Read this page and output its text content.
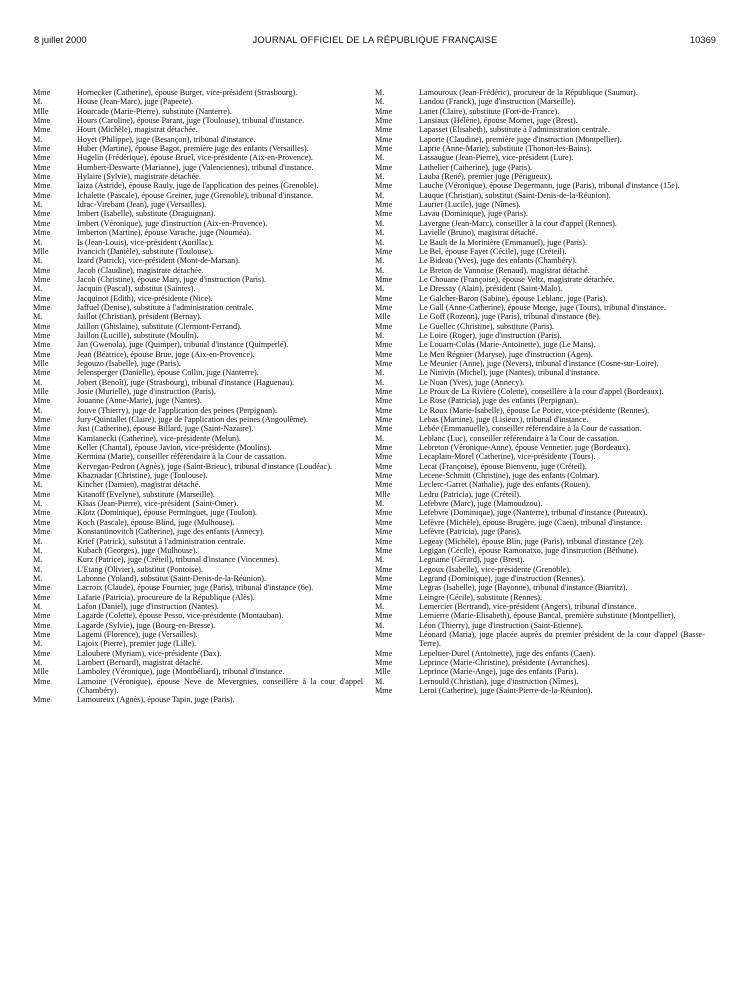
8 juillet 2000	JOURNAL OFFICIEL DE LA RÉPUBLIQUE FRANÇAISE	10369
Mme	Hornecker (Catherine), épouse Burger, vice-président (Strasbourg).
M.	House (Jean-Marc), juge (Papeete).
Mlle	Hourcade (Marie-Pierre), substitute (Nanterre).
Mme	Hours (Caroline), épouse Parant, juge (Toulouse), tribunal d'instance.
Mme	Hourt (Michèle), magistrat détachée.
M.	Hoyet (Philippe), juge (Besançon), tribunal d'instance.
Mme	Huber (Martine), épouse Bagot, première juge des enfants (Versailles).
Mme	Hugelin (Frédérique), épouse Bruel, vice-présidente (Aix-en-Provence).
Mme	Humbert-Deswarte (Marianne), juge (Valenciennes), tribunal d'instance.
Mme	Hylaire (Sylvie), magistrate détachée.
Mme	Iaiza (Astride), épouse Rauly, juge de l'application des peines (Grenoble).
Mme	Ichalette (Pascale), épouse Greiner, juge (Grenoble), tribunal d'instance.
M.	Idrac-Virebant (Jean), juge (Versailles).
Mme	Imbert (Isabelle), substitute (Draguignan).
Mme	Imbert (Véronique), juge d'instruction (Aix-en-Provence).
Mme	Imberton (Martine), épouse Varache, juge (Nouméa).
M.	Is (Jean-Louis), vice-président (Aurillac).
Mlle	Ivancich (Danièle), substitute (Toulouse).
M.	Izard (Patrick), vice-président (Mont-de-Marsan).
Mme	Jacob (Claudine), magistrate détachée.
Mme	Jacob (Christine), épouse Mary, juge d'instruction (Paris).
M.	Jacquin (Pascal), substitut (Saintes).
Mme	Jacquinot (Edith), vice-présidente (Nice).
Mme	Jaffuel (Denise), substitute à l'administration centrale.
M.	Jaillot (Christian), président (Bernay).
Mme	Jaillon (Ghislaine), substitute (Clermont-Ferrand).
Mme	Jaillon (Lucille), substitute (Moulin).
Mme	Jan (Gwenola), juge (Quimper), tribunal d'instance (Quimperlé).
Mme	Jean (Béatrice), épouse Brue, juge (Aix-en-Provence).
Mlle	Jegouzo (Isabelle), juge (Paris).
Mme	Jelensperger (Danielle), épouse Collin, juge (Nanterre).
M.	Jobert (Benoît), juge (Strasbourg), tribunal d'instance (Haguenau).
Mlle	Josie (Murielle), juge d'instruction (Paris).
Mme	Jouanne (Anne-Marie), juge (Nantes).
M.	Jouve (Thierry), juge de l'application des peines (Perpignan).
Mme	Jury-Quintallet (Claire), juge de l'application des peines (Angoulême).
Mme	Just (Catherine), épouse Billard, juge (Saint-Nazaire).
Mme	Kamianecki (Catherine), vice-présidente (Melun).
Mme	Keller (Chantal), épouse Javion, vice-présidente (Moulins).
Mme	Kermina (Marie), conseiller référendaire à la Cour de cassation.
Mme	Kervegan-Pedron (Agnès), juge (Saint-Brieuc), tribunal d'instance (Loudéac).
Mme	Khaznadar (Christine), juge (Toulouse).
M.	Kincher (Damien), magistrat détaché.
Mme	Kitanoff (Evelyne), substitute (Marseille).
M.	Klaas (Jean-Pierre), vice-président (Saint-Omer).
Mme	Klotz (Dominique), épouse Perminguet, juge (Toulon).
Mme	Koch (Pascale), épouse Blind, juge (Mulhouse).
Mme	Konstantinovitch (Catherine), juge des enfants (Annecy).
M.	Krief (Patrick), substitut à l'administration centrale.
M.	Kubach (Georges), juge (Mulhouse).
M.	Kurz (Patrice), juge (Créteil), tribunal d'instance (Vincennes).
M.	L'Etang (Olivier), substitut (Pontoise).
M.	Labonne (Yoland), substitut (Saint-Denis-de-la-Réunion).
Mme	Lacroix (Claude), épouse Fournier, juge (Paris), tribunal d'instance (6e).
Mme	Lafarie (Patricia), procureure de la République (Alès).
M.	Lafon (Daniel), juge d'instruction (Nantes).
Mme	Lagarde (Colette), épouse Pesso, vice-présidente (Montauban).
Mme	Lagarde (Sylvie), juge (Bourg-en-Bresse).
Mme	Lagemi (Florence), juge (Versailles).
M.	Lajoix (Pierre), premier juge (Lille).
Mme	Laloubere (Myriam), vice-présidente (Dax).
M.	Lambert (Bernard), magistrat détaché.
Mlle	Lamboley (Véronique), juge (Montbéliard), tribunal d'instance.
Mme	Lamoine (Véronique), épouse Neve de Mevergnies, conseillère à la cour d'appel (Chambéry).
Mme	Lamoureux (Agnès), épouse Tapin, juge (Paris).
M.	Lamouroux (Jean-Frédéric), procureur de la République (Saumur).
M.	Landou (Franck), juge d'instruction (Marseille).
Mme	Lanet (Claire), substitute (Fort-de-France).
Mme	Lansiaux (Hélène), épouse Mornet, juge (Brest).
Mme	Lapasset (Elisabeth), substitute à l'administration centrale.
Mme	Laporte (Claudine), première juge d'instruction (Montpellier).
Mme	Laprie (Anne-Marie), substitute (Thonon-les-Bains).
M.	Lassaugue (Jean-Pierre), vice-président (Lure).
Mme	Lathelier (Catherine), juge (Paris).
M.	Lauba (René), premier juge (Périgueux).
Mme	Lauche (Véronique), épouse Degermann, juge (Paris), tribunal d'instance (15e).
M.	Lauque (Christian), substitut (Saint-Denis-de-la-Réunion).
Mme	Laurier (Lucile), juge (Nîmes).
Mme	Lavau (Dominique), juge (Paris).
M.	Lavergne (Jean-Marc), conseiller à la cour d'appel (Rennes).
M.	Lavielle (Bruno), magistrat détaché.
M.	Le Bault de la Morinière (Emmanuel), juge (Paris).
Mme	Le Bel, épouse Fayet (Cécile), juge (Créteil).
M.	Le Bideau (Yves), juge des enfants (Chambéry).
M.	Le Breton de Vannoise (Renaud), magistrat détaché.
Mme	Le Chouane (Françoise), épouse Veltz, magistrate détachée.
M.	Le Dressay (Alain), président (Saint-Malo).
Mme	Le Galcher-Baron (Sabine), épouse Leblanc, juge (Paris).
Mme	Le Gall (Anne-Catherine), épouse Monge, juge (Tours), tribunal d'instance.
Mlle	Le Goff (Rozenn), juge (Paris), tribunal d'instance (8e).
Mme	Le Guellec (Christine), substitute (Paris).
M.	Le Loire (Roger), juge d'instruction (Paris).
Mme	Le Louarn-Colas (Marie-Antoinette), juge (Le Mans).
Mme	Le Men Régnier (Maryse), juge d'instruction (Agen).
Mme	Le Meunier (Anne), juge (Nevers), tribunal d'instance (Cosne-sur-Loire).
M.	Le Ninivin (Michel), juge (Nantes), tribunal d'instance.
M.	Le Noan (Yves), juge (Annecy).
Mme	Le Proux de La Rivière (Colette), conseillère à la cour d'appel (Bordeaux).
Mme	Le Rose (Patricia), juge des enfants (Perpignan).
Mme	Le Roux (Marie-Isabelle), épouse Le Potier, vice-présidente (Rennes).
Mme	Lebas (Martine), juge (Lisieux), tribunal d'instance.
Mme	Lebée (Emmanuelle), conseiller référendaire à la Cour de cassation.
M.	Leblanc (Luc), conseiller référendaire à la Cour de cassation.
Mme	Lebreton (Véronique-Anne), épouse Vennetier, juge (Bordeaux).
Mme	Lecaplain-Morel (Catherine), vice-présidente (Tours).
Mme	Lecat (Françoise), épouse Bienvenu, juge (Créteil).
Mme	Lecene-Schmitt (Christine), juge des enfants (Colmar).
Mme	Leclerc-Garret (Nathalie), juge des enfants (Rouen).
Mlle	Ledru (Patricia), juge (Créteil).
M.	Lefebvre (Marc), juge (Mamoudzou).
Mme	Lefebvre (Dominique), juge (Nanterre), tribunal d'instance (Puteaux).
Mme	Lefèvre (Michèle), épouse Brugère, juge (Caen), tribunal d'instance.
Mme	Lefèvre (Patricia), juge (Paris).
Mme	Legeay (Michèle), épouse Blin, juge (Paris), tribunal d'instance (2e).
Mme	Legigan (Cécile), épouse Ramonatxo, juge d'instruction (Béthune).
M.	Legname (Gérard), juge (Brest).
Mme	Legoux (Isabelle), vice-présidente (Grenoble).
Mme	Legrand (Dominique), juge d'instruction (Rennes).
Mme	Legras (Isabelle), juge (Bayonne), tribunal d'instance (Biarritz).
Mme	Leingre (Cécile), substitute (Rennes).
M.	Lemercier (Bertrand), vice-président (Angers), tribunal d'instance.
Mme	Lemierre (Marie-Elisabeth), épouse Bancal, première substitute (Montpellier).
M.	Léon (Thierry), juge d'instruction (Saint-Etienne).
Mme	Léonard (Maria), juge placée auprès du premier président de la cour d'appel (Basse-Terre).
Mme	Lepeltier-Durel (Antoinette), juge des enfants (Caen).
Mme	Leprince (Marie-Christine), présidente (Avranches).
Mlle	Leprince (Marie-Ange), juge des enfants (Paris).
M.	Lernould (Christian), juge d'instruction (Nîmes).
Mme	Leroi (Catherine), juge (Saint-Pierre-de-la-Réunion).
